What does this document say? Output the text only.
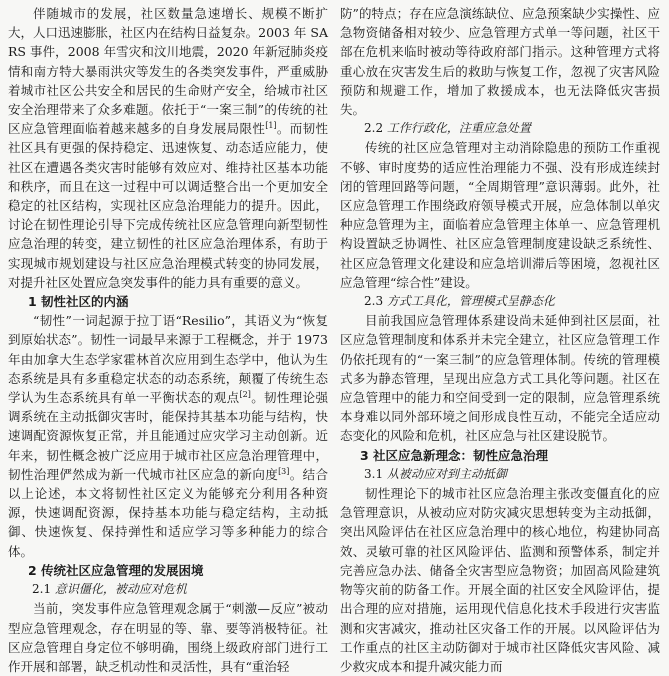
伴随城市的发展，社区数量急速增长、规模不断扩大，人口迅速膨胀，社区内在结构日益复杂。2003 年 SARS 事件，2008 年雪灾和汶川地震，2020 年新冠肺炎疫情和南方特大暴雨洪灾等发生的各类突发事件，严重威胁着城市社区公共安全和居民的生命财产安全，给城市社区安全治理带来了众多难题。依托于“一案三制”的传统的社区应急管理面临着越来越多的自身发展局限性[1]。而韧性社区具有更强的保持稳定、迅速恢复、动态适应能力，使社区在遭遇各类灾害时能够有效应对、维持社区基本功能和秩序，而且在这一过程中可以调适整合出一个更加安全稳定的社区结构，实现社区应急治理能力的提升。因此，讨论在韧性理论引导下完成传统社区应急管理向新型韧性应急治理的转变，建立韧性的社区应急治理体系，有助于实现城市规划建设与社区应急治理模式转变的协同发展，对提升社区处置应急突发事件的能力具有重要的意义。

1 韧性社区的内涵

“韧性”一词起源于拉丁语“Resilio”，其语义为“恢复到原始状态”。韧性一词最早来源于工程概念，并于 1973 年由加拿大生态学家霍林首次应用到生态学中，他认为生态系统是具有多重稳定状态的动态系统，颠覆了传统生态学认为生态系统具有单一平衡状态的观点[2]。韧性理论强调系统在主动抵御灾害时，能保持其基本功能与结构，快速调配资源恢复正常，并且能通过应灾学习主动创新。近年来，韧性概念被广泛应用于城市社区应急治理管理中，韧性治理俨然成为新一代城市社区应急的新向度[3]。结合以上论述，本文将韧性社区定义为能够充分利用各种资源，快速调配资源，保持基本功能与稳定结构，主动抵御、快速恢复、保持弹性和适应学习等多种能力的综合体。

2 传统社区应急管理的发展困境

2.1 意识僵化，被动应对危机

当前，突发事件应急管理观念属于“刺激—反应”被动型应急管理观念，存在明显的等、靠、要等消极特征。社区应急管理自身定位不够明确，围绕上级政府部门进行工作开展和部署，缺乏机动性和灵活性，具有“重治轻

防”的特点；存在应急演练缺位、应急预案缺少实操性、应急物资储备相对较少、应急管理方式单一等问题，社区干部在危机来临时被动等待政府部门指示。这种管理方式将重心放在灾害发生后的救助与恢复工作，忽视了灾害风险预防和规避工作，增加了救援成本，也无法降低灾害损失。

2.2 工作行政化，注重应急处置

传统的社区应急管理对主动消除隐患的预防工作重视不够、审时度势的适应性治理能力不强、没有形成连续封闭的管理回路等问题，“全周期管理”意识薄弱。此外，社区应急管理工作围绕政府领导模式开展，应急体制以单灾种应急管理为主，面临着应急管理主体单一、应急管理机构设置缺乏协调性、社区应急管理制度建设缺乏系统性、社区应急管理文化建设和应急培训滞后等困境，忽视社区应急管理“综合性”建设。

2.3 方式工具化，管理模式呈静态化

目前我国应急管理体系建设尚未延伸到社区层面，社区应急管理制度和体系并未完全建立，社区应急管理工作仍依托现有的“一案三制”的应急管理体制。传统的管理模式多为静态管理，呈现出应急方式工具化等问题。社区在应急管理中的能力和空间受到一定的限制，应急管理系统本身难以同外部环境之间形成良性互动，不能完全适应动态变化的风险和危机，社区应急与社区建设脱节。

3 社区应急新理念：韧性应急治理

3.1 从被动应对到主动抵御

韧性理论下的城市社区应急治理主张改变僵直化的应急管理意识，从被动应对防灾减灾思想转变为主动抵御，突出风险评估在社区应急治理中的核心地位，构建协同高效、灵敏可靠的社区风险评估、监测和预警体系，制定并完善应急办法、储备全灾害型应急物资；加固高风险建筑物等灾前的防备工作。开展全面的社区安全风险评估，提出合理的应对措施，运用现代信息化技术手段进行灾害监测和灾害减灾，推动社区灾备工作的开展。以风险评估为工作重点的社区主动防御对于城市社区降低灾害风险、减少救灾成本和提升减灾能力而
